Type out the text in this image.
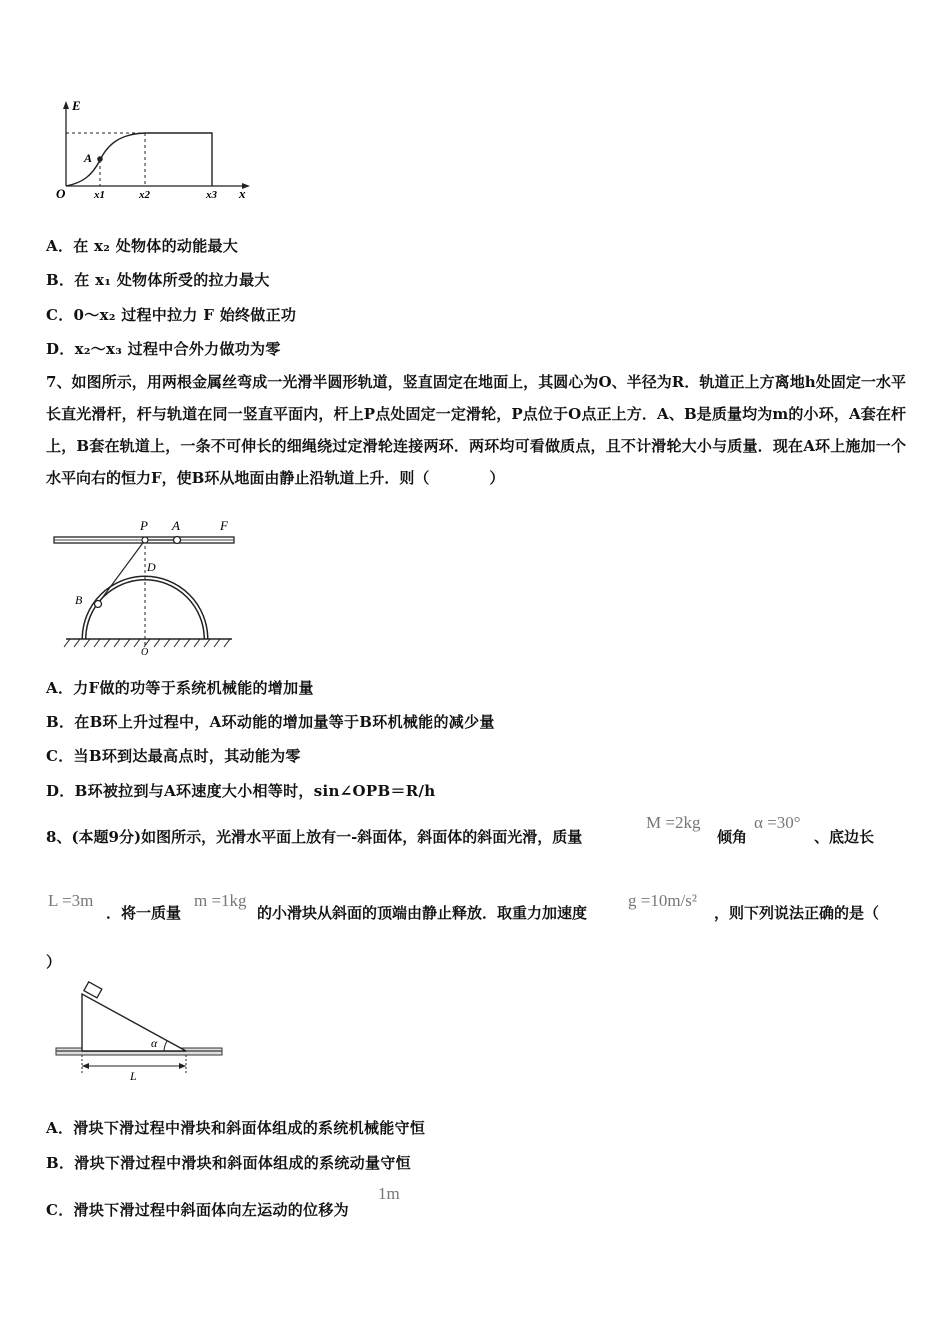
E
x
O
A
x1	x2	x3
A．在 x₂ 处物体的动能最大
B．在 x₁ 处物体所受的拉力最大
C．0～x₂ 过程中拉力 F 始终做正功
D．x₂～x₃ 过程中合外力做功为零
7、如图所示，用两根金属丝弯成一光滑半圆形轨道，竖直固定在地面上，其圆心为O、半径为R．轨道正上方离地h处固定一水平长直光滑杆，杆与轨道在同一竖直平面内，杆上P点处固定一定滑轮，P点位于O点正上方．A、B是质量均为m的小环，A套在杆上，B套在轨道上，一条不可伸长的细绳绕过定滑轮连接两环．两环均可看做质点，且不计滑轮大小与质量．现在A环上施加一个水平向右的恒力F，使B环从地面由静止沿轨道上升．则（　　　　）
P A	F
D
B
O
A．力F做的功等于系统机械能的增加量
B．在B环上升过程中，A环动能的增加量等于B环机械能的减少量
C．当B环到达最高点时，其动能为零
D．B环被拉到与A环速度大小相等时，sin∠OPB＝R/h
8、(本题9分)如图所示，光滑水平面上放有一-斜面体，斜面体的斜面光滑，质量
M =2kg
倾角
α =30°
、底边长
L =3m
．将一质量
m =1kg
的小滑块从斜面的顶端由静止释放．取重力加速度
g =10m/s²
，则下列说法正确的是（
）
α
L
A．滑块下滑过程中滑块和斜面体组成的系统机械能守恒
B．滑块下滑过程中滑块和斜面体组成的系统动量守恒
C．滑块下滑过程中斜面体向左运动的位移为
1m
